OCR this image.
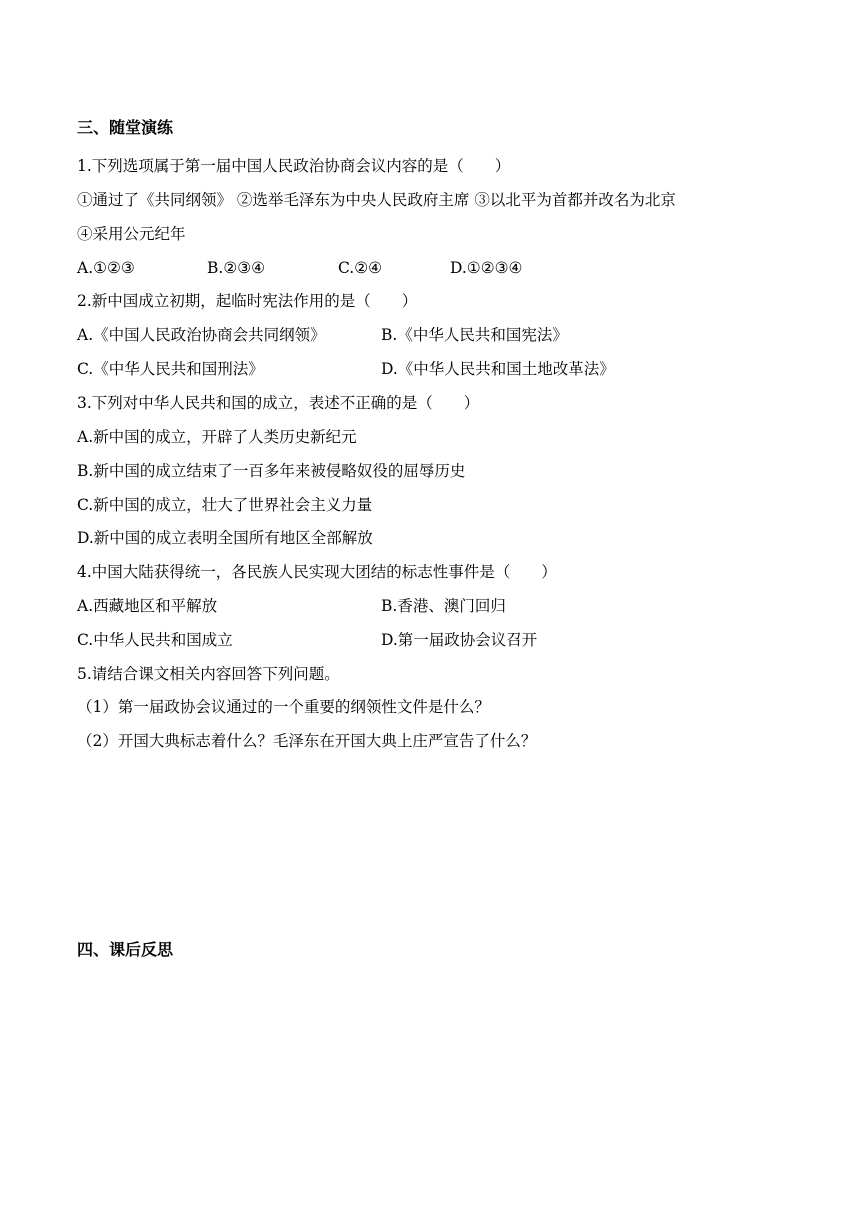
三、随堂演练
1.下列选项属于第一届中国人民政治协商会议内容的是（　　）
①通过了《共同纲领》 ②选举毛泽东为中央人民政府主席 ③以北平为首都并改名为北京
④采用公元纪年
A.①②③	B.②③④	C.②④	D.①②③④
2.新中国成立初期，起临时宪法作用的是（　　）
A.《中国人民政治协商会共同纲领》	B.《中华人民共和国宪法》
C.《中华人民共和国刑法》	D.《中华人民共和国土地改革法》
3.下列对中华人民共和国的成立，表述不正确的是（　　）
A.新中国的成立，开辟了人类历史新纪元
B.新中国的成立结束了一百多年来被侵略奴役的屈辱历史
C.新中国的成立，壮大了世界社会主义力量
D.新中国的成立表明全国所有地区全部解放
4.中国大陆获得统一，各民族人民实现大团结的标志性事件是（　　）
A.西藏地区和平解放	B.香港、澳门回归
C.中华人民共和国成立	D.第一届政协会议召开
5.请结合课文相关内容回答下列问题。
（1）第一届政协会议通过的一个重要的纲领性文件是什么？
（2）开国大典标志着什么？毛泽东在开国大典上庄严宣告了什么？
四、课后反思
